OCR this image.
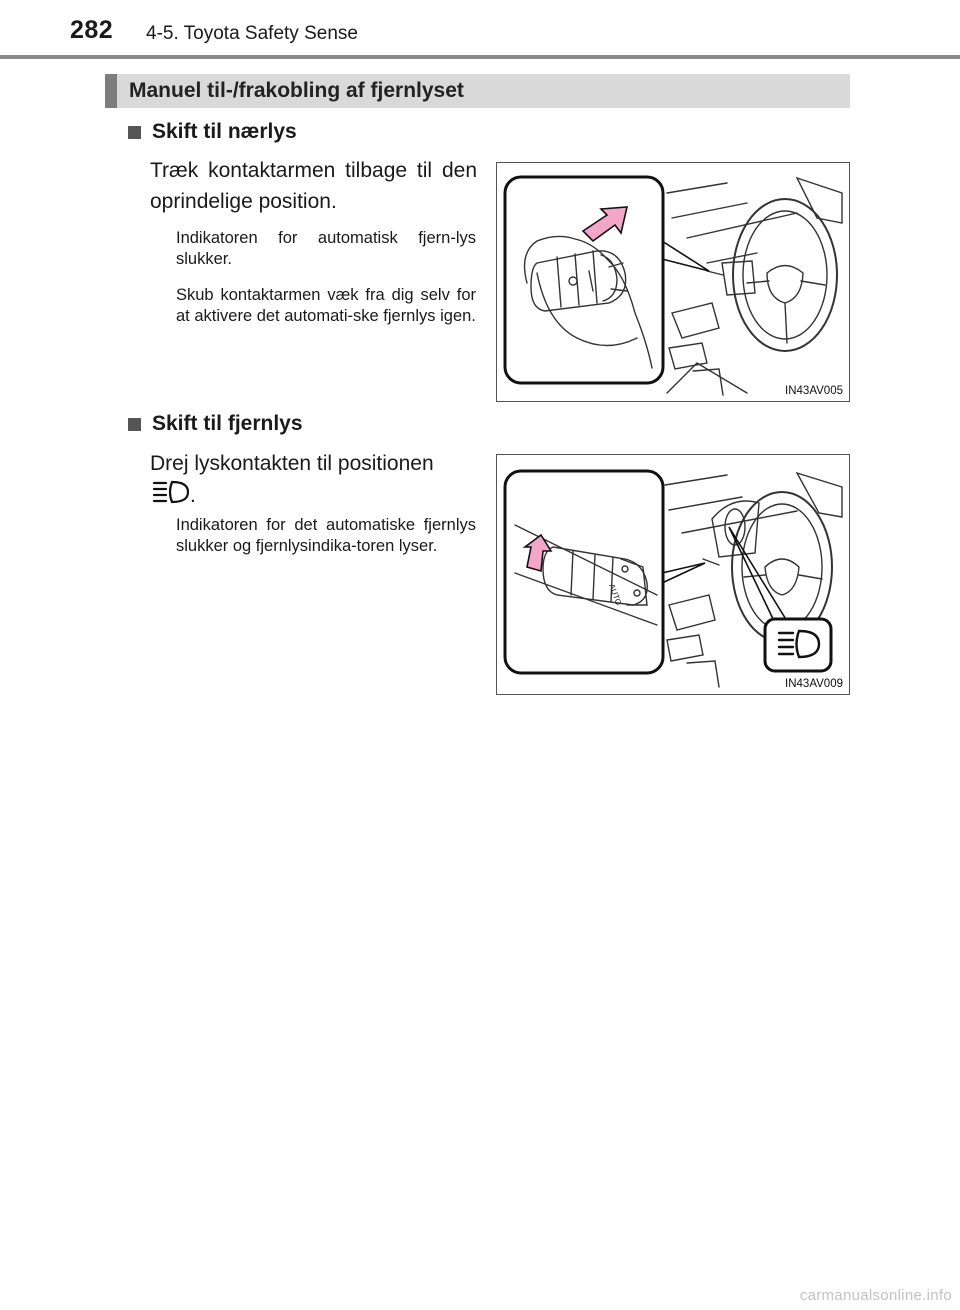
282 4-5. Toyota Safety Sense
Manuel til-/frakobling af fjernlyset
Skift til nærlys
Træk kontaktarmen tilbage til den oprindelige position.
Indikatoren for automatisk fjern-lys slukker.
Skub kontaktarmen væk fra dig selv for at aktivere det automati-ske fjernlys igen.
IN43AV005
Skift til fjernlys
Drej lyskontakten til positionen
.
Indikatoren for det automatiske fjernlys slukker og fjernlysindika-toren lyser.
AUTO
IN43AV009
carmanualsonline.info
